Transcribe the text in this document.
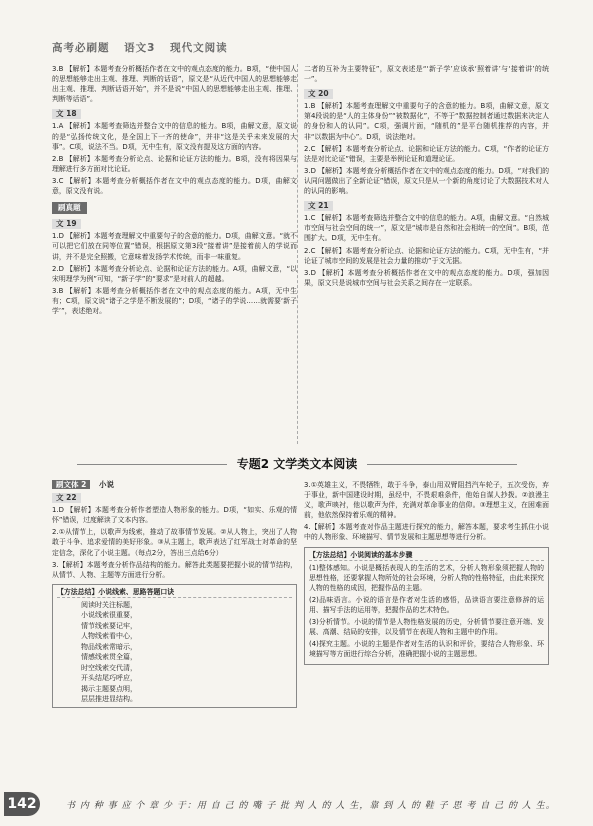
高考必刷题 语文3 现代文阅读

3.B 【解析】本题考查分析概括作者在文中的观点态度的能力。B项，“使中国人的思想能够走出主观、推理、判断的话语”，原文是“从近代中国人的思想能够走出主观、推理、判断话语开始”，并不是说“中国人的思想能够走出主观、推理、判断等话语”。

文 18

1.A 【解析】本题考查筛选并整合文中的信息的能力。B项，曲解文意，原文说的是“弘扬传统文化，是全国上下一齐的使命”，并非“这是关乎未来发展的大事”。C项，说法不当。D项，无中生有，原文没有提及这方面的内容。

2.B 【解析】本题考查分析论点、论据和论证方法的能力。B项，没有将因果与理解进行多方面对比论证。

3.C 【解析】本题考查分析概括作者在文中的观点态度的能力。D项，曲解文意，原文没有说。

刷真题
文 19

1.D 【解析】本题考查理解文中重要句子的含意的能力。D项，曲解文意。“就不可以把它们放在同等位置”错误，根据原文第3段“接着讲”是接着前人的学说而讲，并不是完全照搬，它意味着发扬学术传统，而非一味重复。

2.D 【解析】本题考查分析论点、论据和论证方法的能力。A项，曲解文意，“以宋明理学为例”可知，“新子学”的“要求”是对前人的超越。

3.B 【解析】本题考查分析概括作者在文中的观点态度的能力。A项，无中生有；C项，原文说“诸子之学是不断发展的”；D项，“诸子的学说……就需要‘新子学’”，表述绝对。

二者的互补为主要特征”，原文表述是“‘新子学’应该承‘照着讲’与‘接着讲’的统一”。

文 20

1.B 【解析】本题考查理解文中重要句子的含意的能力。B项，曲解文意，原文第4段说的是“人的主体身份”“被数据化”，不等于“数据控制者通过数据来决定人的身份和人的认同”。C项，强调片面，“随机的”是平台随机推荐的内容，并非“以数据为中心”。D项，说法绝对。

2.C 【解析】本题考查分析论点、论据和论证方法的能力。C项，“作者的论证方法是对比论证”错误，主要是举例论证和道理论证。

3.D 【解析】本题考查分析概括作者在文中的观点态度的能力。D项，“对我们的认同问题做出了全新论证”错误，原文只是从一个新的角度讨论了大数据技术对人的认同的影响。

文 21

1.C 【解析】本题考查筛选并整合文中的信息的能力。A项，曲解文意。“自然城市空间与社会空间的统一”，原文是“城市是自然和社会相统一的空间”。B项，范围扩大。D项，无中生有。

2.C 【解析】本题考查分析论点、论据和论证方法的能力。C项，无中生有，“并论证了城市空间的发展是社会力量的推动”于文无据。

3.D 【解析】本题考查分析概括作者在文中的观点态度的能力。D项，强加因果，原文只是说城市空间与社会关系之间存在一定联系。

专题2 文学类文本阅读
刷文体 2 小说
文 22

1.D 【解析】本题考查分析作者塑造人物形象的能力。D项，“如实、乐观的情怀”错误，过度解读了文本内容。

2.①从情节上，以歌声为线索，推动了故事情节发展。②从人物上，突出了人物敢于斗争、追求爱情的美好形象。③从主题上，歌声表达了红军战士对革命的坚定信念，深化了小说主题。（每点2分，答出三点给6分）

3.【解析】本题考查分析作品结构的能力。解答此类题要把握小说的情节结构，从情节、人物、主题等方面进行分析。

【方法总结】小说线索、思路答题口诀
阅读时关注标题，
小说线索很重要，
情节线索要记牢，
人物线索看中心，
物品线索常暗示，
情感线索贯全篇，
时空线索交代清，
开头结尾巧呼应，
揭示主题要点明，
层层推进显结构。

3.①英雄主义，不畏牺牲，敢于斗争，泰山用双臂阻挡汽车轮子，五次受伤，弃于事业，新中国建设时期，虽经中，不畏艰难条件，他始自谋人抄拨。②浪漫主义，歌声映衬，他以歌声为伴，充满对革命事业的信仰。③理想主义，在困难面前，他依然保持着乐观的精神。

4.【解析】本题考查对作品主题进行探究的能力，解答本题，要求考生抓住小说中的人物形象、环境描写、情节发展和主题思想等进行分析。

【方法总结】小说阅读的基本步骤

(1)整体感知。小说是概括表现人的生活的艺术，分析人物形象须把握人物的思想性格，还要掌握人物所处的社会环境，分析人物的性格特征，由此来探究人物的性格的成因，把握作品的主题。

(2)品味语言。小说的语言是作者对生活的感悟，品读语言要注意修辞的运用、描写手法的运用等，把握作品的艺术特色。

(3)分析情节。小说的情节是人物性格发展的历史，分析情节要注意开端、发展、高潮、结局的安排，以及情节在表现人物和主题中的作用。

(4)探究主题。小说的主题是作者对生活的认识和评价，要结合人物形象、环境描写等方面进行综合分析，准确把握小说的主题思想。

142	书 内 种 事 应 个 章 少 于：用 自 己 的 嘴 子 批 判 人 的 人 生，靠 到 人 的 鞋 子 思 考 自 己 的 人 生。
